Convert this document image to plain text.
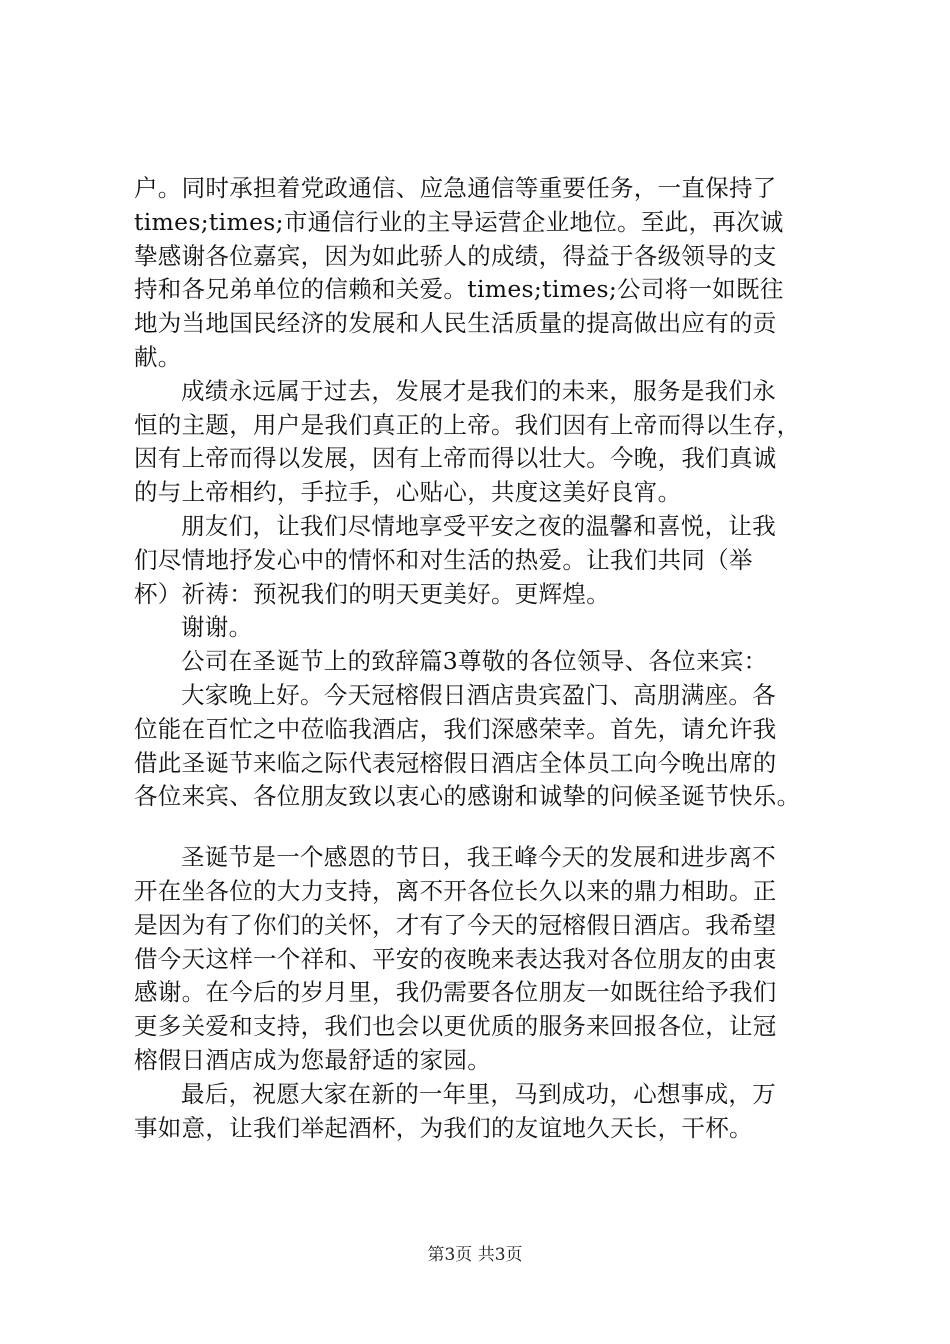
户。同时承担着党政通信、应急通信等重要任务，一直保持了
times;times;市通信行业的主导运营企业地位。至此，再次诚
挚感谢各位嘉宾，因为如此骄人的成绩，得益于各级领导的支
持和各兄弟单位的信赖和关爱。times;times;公司将一如既往
地为当地国民经济的发展和人民生活质量的提高做出应有的贡
献。
成绩永远属于过去，发展才是我们的未来，服务是我们永
恒的主题，用户是我们真正的上帝。我们因有上帝而得以生存，
因有上帝而得以发展，因有上帝而得以壮大。今晚，我们真诚
的与上帝相约，手拉手，心贴心，共度这美好良宵。
朋友们，让我们尽情地享受平安之夜的温馨和喜悦，让我
们尽情地抒发心中的情怀和对生活的热爱。让我们共同（举
杯）祈祷：预祝我们的明天更美好。更辉煌。
谢谢。
公司在圣诞节上的致辞篇3尊敬的各位领导、各位来宾：
大家晚上好。今天冠榕假日酒店贵宾盈门、高朋满座。各
位能在百忙之中莅临我酒店，我们深感荣幸。首先，请允许我
借此圣诞节来临之际代表冠榕假日酒店全体员工向今晚出席的
各位来宾、各位朋友致以衷心的感谢和诚挚的问候圣诞节快乐。
圣诞节是一个感恩的节日，我王峰今天的发展和进步离不
开在坐各位的大力支持，离不开各位长久以来的鼎力相助。正
是因为有了你们的关怀，才有了今天的冠榕假日酒店。我希望
借今天这样一个祥和、平安的夜晚来表达我对各位朋友的由衷
感谢。在今后的岁月里，我仍需要各位朋友一如既往给予我们
更多关爱和支持，我们也会以更优质的服务来回报各位，让冠
榕假日酒店成为您最舒适的家园。
最后，祝愿大家在新的一年里，马到成功，心想事成，万
事如意，让我们举起酒杯，为我们的友谊地久天长，干杯。
第3页 共3页
